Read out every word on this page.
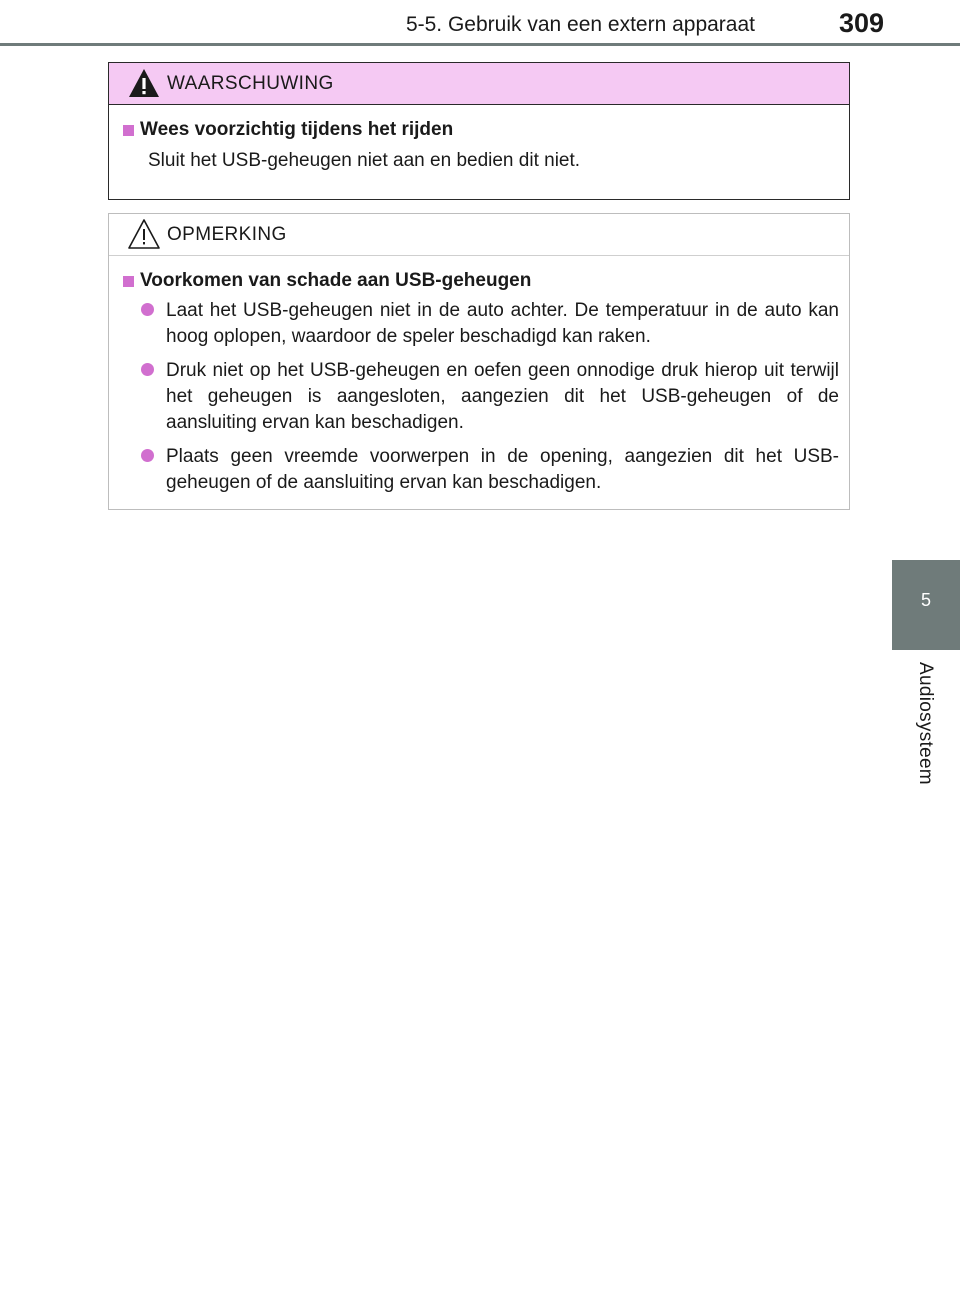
5-5. Gebruik van een extern apparaat	309
5
Audiosysteem
WAARSCHUWING
Wees voorzichtig tijdens het rijden
Sluit het USB-geheugen niet aan en bedien dit niet.
OPMERKING
Voorkomen van schade aan USB-geheugen
Laat het USB-geheugen niet in de auto achter. De temperatuur in de auto kan hoog oplopen, waardoor de speler beschadigd kan raken.
Druk niet op het USB-geheugen en oefen geen onnodige druk hierop uit terwijl het geheugen is aangesloten, aangezien dit het USB-geheugen of de aansluiting ervan kan beschadigen.
Plaats geen vreemde voorwerpen in de opening, aangezien dit het USB-geheugen of de aansluiting ervan kan beschadigen.
